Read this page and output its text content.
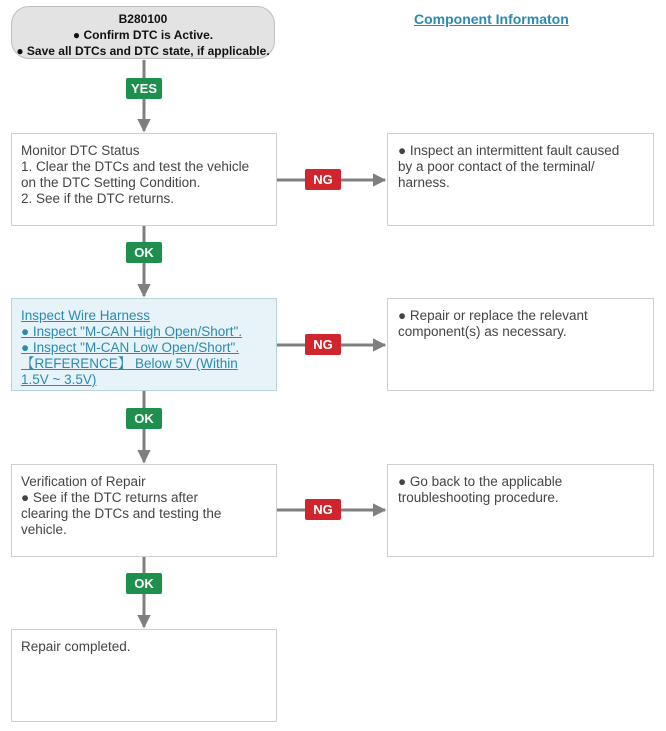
B280100
● Confirm DTC is Active.
● Save all DTCs and DTC state, if applicable.
Component Informaton
YES
OK
OK
OK
NG
NG
NG
Monitor DTC Status
1. Clear the DTCs and test the vehicle
on the DTC Setting Condition.
2. See if the DTC returns.
● Inspect an intermittent fault caused
by a poor contact of the terminal/
harness.
Inspect Wire Harness
● Inspect "M-CAN High Open/Short".
● Inspect "M-CAN Low Open/Short".
【REFERENCE】 Below 5V (Within
1.5V ~ 3.5V)
● Repair or replace the relevant
component(s) as necessary.
Verification of Repair
● See if the DTC returns after
clearing the DTCs and testing the
vehicle.
● Go back to the applicable
troubleshooting procedure.
Repair completed.
